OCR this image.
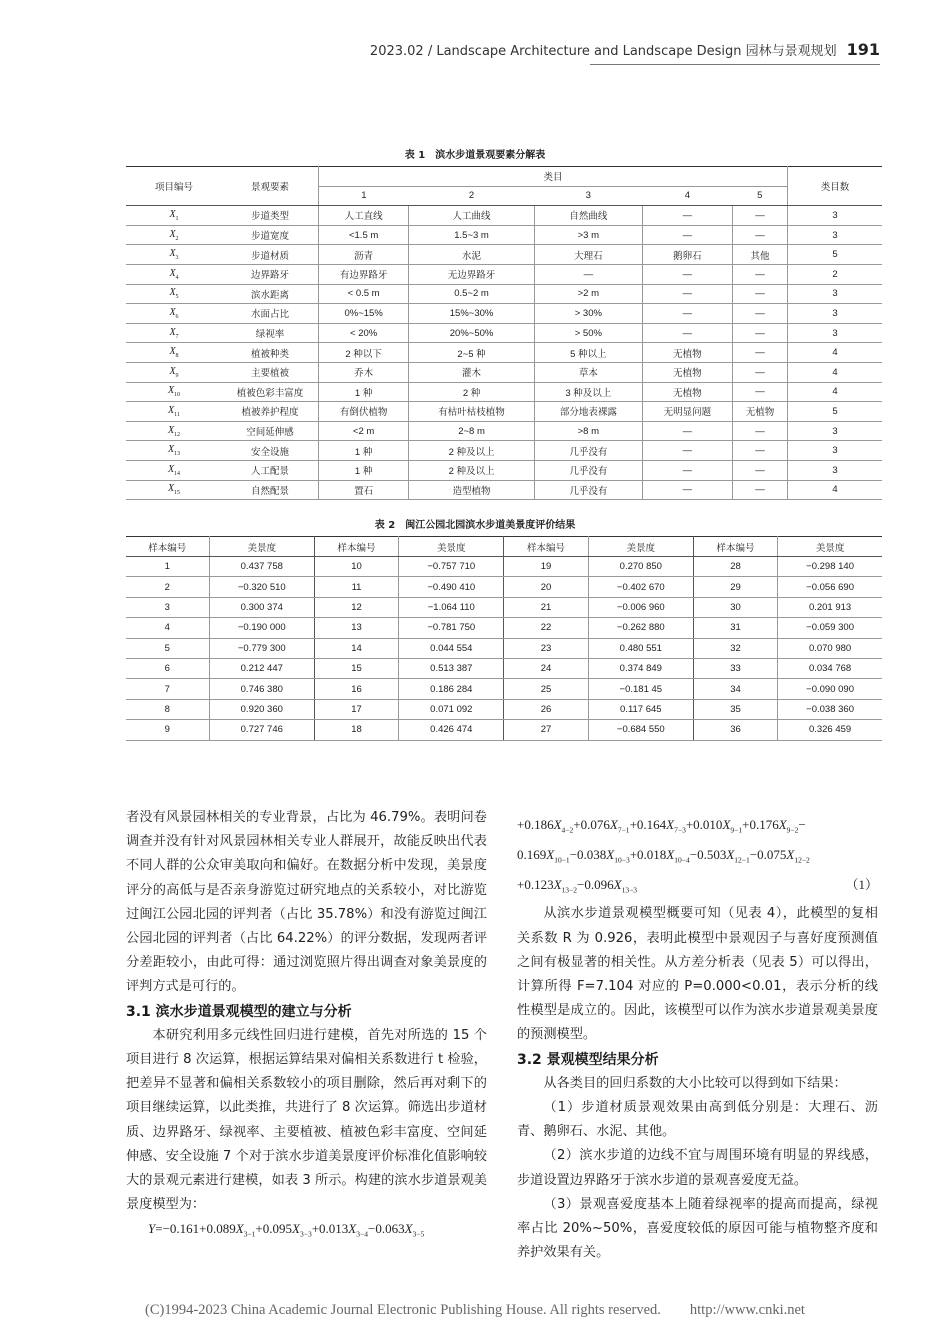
2023.02 / Landscape Architecture and Landscape Design 园林与景观规划 191
表 1　滨水步道景观要素分解表
项目编号	景观要素	类目					类目数
		1	2	3	4	5	
$X_1$	步道类型	人工直线	人工曲线	自然曲线	—	—	3
$X_2$	步道宽度	<1.5 m	1.5~3 m	>3 m	—	—	3
$X_3$	步道材质	沥青	水泥	大理石	鹅卵石	其他	5
$X_4$	边界路牙	有边界路牙	无边界路牙	—	—	—	2
$X_5$	滨水距离	< 0.5 m	0.5~2 m	>2 m	—	—	3
$X_6$	水面占比	0%~15%	15%~30%	> 30%	—	—	3
$X_7$	绿视率	< 20%	20%~50%	> 50%	—	—	3
$X_8$	植被种类	2 种以下	2~5 种	5 种以上	无植物	—	4
$X_9$	主要植被	乔木	灌木	草本	无植物	—	4
$X_{10}$	植被色彩丰富度	1 种	2 种	3 种及以上	无植物	—	4
$X_{11}$	植被养护程度	有倒伏植物	有枯叶枯枝植物	部分地表裸露	无明显问题	无植物	5
$X_{12}$	空间延伸感	<2 m	2~8 m	>8 m	—	—	3
$X_{13}$	安全设施	1 种	2 种及以上	几乎没有	—	—	3
$X_{14}$	人工配景	1 种	2 种及以上	几乎没有	—	—	3
$X_{15}$	自然配景	置石	造型植物	几乎没有	—	—	4
表 2　闽江公园北园滨水步道美景度评价结果
样本编号	美景度	样本编号	美景度	样本编号	美景度	样本编号	美景度
1	0.437 758	10	−0.757 710	19	0.270 850	28	−0.298 140
2	−0.320 510	11	−0.490 410	20	−0.402 670	29	−0.056 690
3	0.300 374	12	−1.064 110	21	−0.006 960	30	0.201 913
4	−0.190 000	13	−0.781 750	22	−0.262 880	31	−0.059 300
5	−0.779 300	14	0.044 554	23	0.480 551	32	0.070 980
6	0.212 447	15	0.513 387	24	0.374 849	33	0.034 768
7	0.746 380	16	0.186 284	25	−0.181 45	34	−0.090 090
8	0.920 360	17	0.071 092	26	0.117 645	35	−0.038 360
9	0.727 746	18	0.426 474	27	−0.684 550	36	0.326 459

者没有风景园林相关的专业背景，占比为 46.79%。表明问卷调查并没有针对风景园林相关专业人群展开，故能反映出代表不同人群的公众审美取向和偏好。在数据分析中发现，美景度评分的高低与是否亲身游览过研究地点的关系较小，对比游览过闽江公园北园的评判者（占比 35.78%）和没有游览过闽江公园北园的评判者（占比 64.22%）的评分数据，发现两者评分差距较小，由此可得：通过浏览照片得出调查对象美景度的评判方式是可行的。

3.1 滨水步道景观模型的建立与分析

本研究利用多元线性回归进行建模，首先对所选的 15 个项目进行 8 次运算，根据运算结果对偏相关系数进行 t 检验，把差异不显著和偏相关系数较小的项目删除，然后再对剩下的项目继续运算，以此类推，共进行了 8 次运算。筛选出步道材质、边界路牙、绿视率、主要植被、植被色彩丰富度、空间延伸感、安全设施 7 个对于滨水步道美景度评价标准化值影响较大的景观元素进行建模，如表 3 所示。构建的滨水步道景观美景度模型为：

$Y=-0.161+0.089X_{3-1}+0.095X_{3-3}+0.013X_{3-4}-0.063X_{3-5}$

$+0.186X_{4-2}+0.076X_{7-1}+0.164X_{7-3}+0.010X_{9-1}+0.176X_{9-2}-$

$0.169X_{10-1}-0.038X_{10-3}+0.018X_{10-4}-0.503X_{12-1}-0.075X_{12-2}$

$+0.123X_{13-2}-0.096X_{13-3}$	（1）

从滨水步道景观模型概要可知（见表 4），此模型的复相关系数 R 为 0.926，表明此模型中景观因子与喜好度预测值之间有极显著的相关性。从方差分析表（见表 5）可以得出，计算所得 F=7.104 对应的 P=0.000<0.01，表示分析的线性模型是成立的。因此，该模型可以作为滨水步道景观美景度的预测模型。

3.2 景观模型结果分析

从各类目的回归系数的大小比较可以得到如下结果：

（1）步道材质景观效果由高到低分别是：大理石、沥青、鹅卵石、水泥、其他。

（2）滨水步道的边线不宜与周围环境有明显的界线感，步道设置边界路牙于滨水步道的景观喜爱度无益。

（3）景观喜爱度基本上随着绿视率的提高而提高，绿视率占比 20%~50%，喜爱度较低的原因可能与植物整齐度和养护效果有关。

(C)1994-2023 China Academic Journal Electronic Publishing House. All rights reserved.　　http://www.cnki.net
